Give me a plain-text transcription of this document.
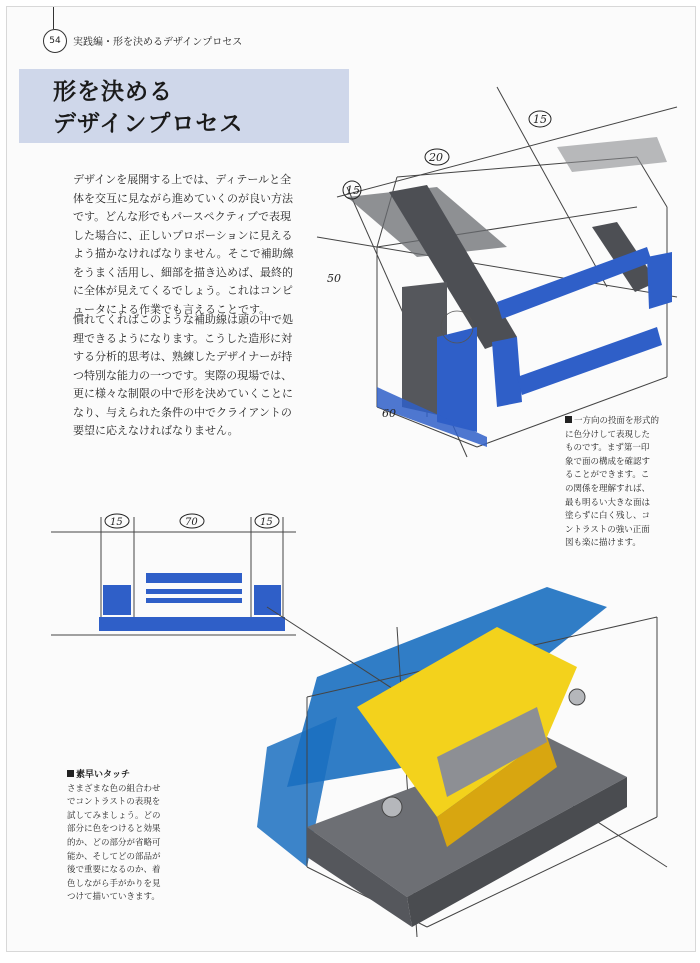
54	実践編・形を決めるデザインプロセス
形を決める
デザインプロセス
デザインを展開する上では、ディテールと全
体を交互に見ながら進めていくのが良い方法
です。どんな形でもパースペクティブで表現
した場合に、正しいプロポーションに見える
よう描かなければなりません。そこで補助線
をうまく活用し、細部を描き込めば、最終的
に全体が見えてくるでしょう。これはコンピ
ュータによる作業でも言えることです。
慣れてくればこのような補助線は頭の中で処
理できるようになります。こうした造形に対
する分析的思考は、熟練したデザイナーが持
つ特別な能力の一つです。実際の現場では、
更に様々な制限の中で形を決めていくことに
なり、与えられた条件の中でクライアントの
要望に応えなければなりません。
15
20
15
50
60
一方向の投面を形式的
に色分けして表現した
ものです。まず第一印
象で面の構成を確認す
ることができます。こ
の関係を理解すれば、
最も明るい大きな面は
塗らずに白く残し、コ
ントラストの強い正面
図も楽に描けます。
15	70	15
素早いタッチ
さまざまな色の組合わせ
でコントラストの表現を
試してみましょう。どの
部分に色をつけると効果
的か、どの部分が省略可
能か、そしてどの部品が
後で重要になるのか、着
色しながら手がかりを見
つけて描いていきます。
